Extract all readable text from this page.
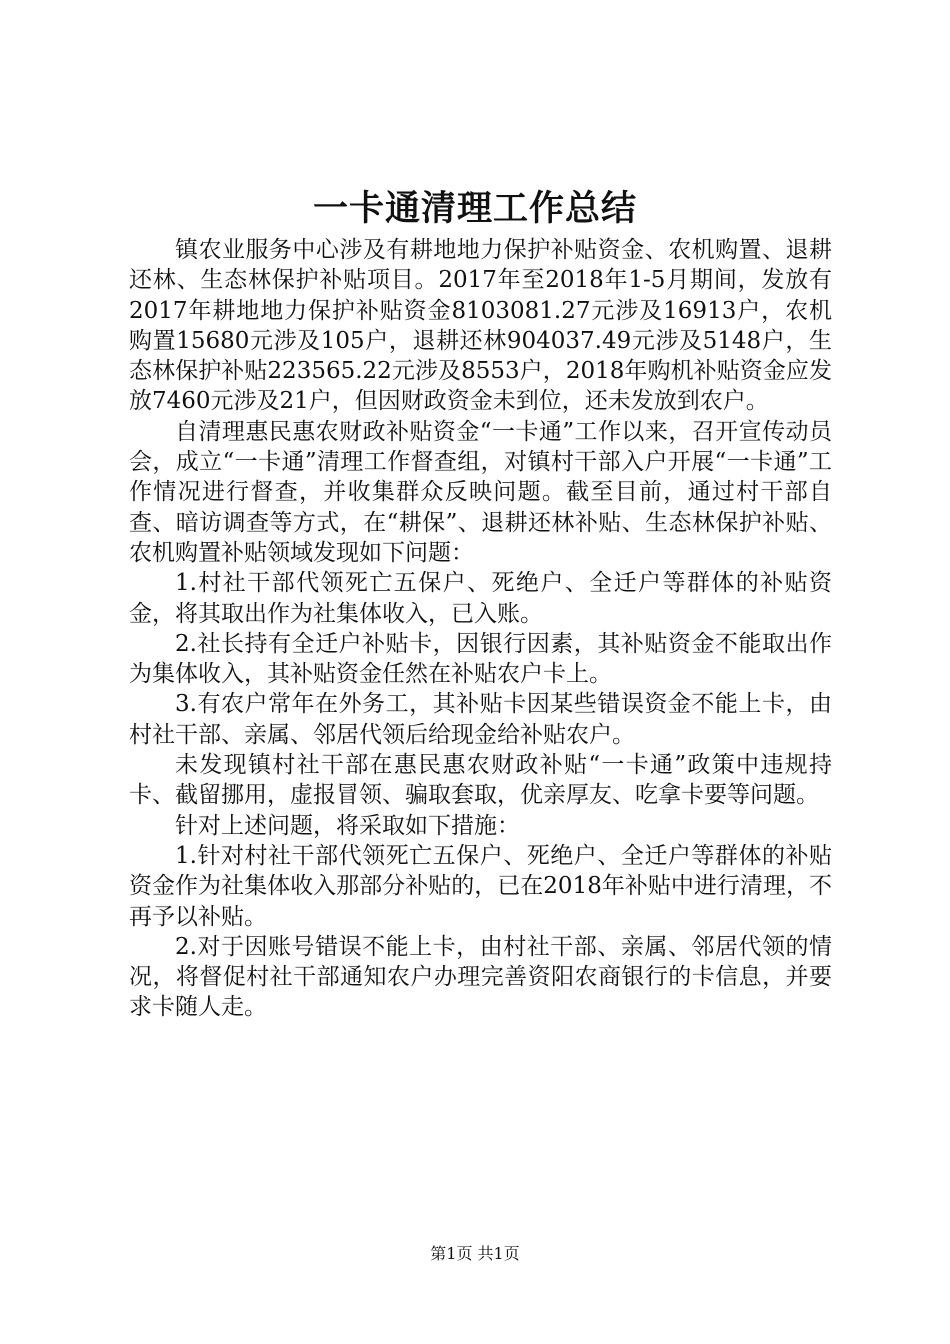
一卡通清理工作总结

镇农业服务中心涉及有耕地地力保护补贴资金、农机购置、退耕还林、生态林保护补贴项目。2017年至2018年1-5月期间，发放有2017年耕地地力保护补贴资金8103081.27元涉及16913户，农机购置15680元涉及105户，退耕还林904037.49元涉及5148户，生态林保护补贴223565.22元涉及8553户，2018年购机补贴资金应发放7460元涉及21户，但因财政资金未到位，还未发放到农户。

自清理惠民惠农财政补贴资金“一卡通”工作以来，召开宣传动员会，成立“一卡通”清理工作督查组，对镇村干部入户开展“一卡通”工作情况进行督查，并收集群众反映问题。截至目前，通过村干部自查、暗访调查等方式，在“耕保”、退耕还林补贴、生态林保护补贴、农机购置补贴领域发现如下问题：

1.村社干部代领死亡五保户、死绝户、全迁户等群体的补贴资金，将其取出作为社集体收入，已入账。

2.社长持有全迁户补贴卡，因银行因素，其补贴资金不能取出作为集体收入，其补贴资金任然在补贴农户卡上。

3.有农户常年在外务工，其补贴卡因某些错误资金不能上卡，由村社干部、亲属、邻居代领后给现金给补贴农户。

未发现镇村社干部在惠民惠农财政补贴“一卡通”政策中违规持卡、截留挪用，虚报冒领、骗取套取，优亲厚友、吃拿卡要等问题。

针对上述问题，将采取如下措施：

1.针对村社干部代领死亡五保户、死绝户、全迁户等群体的补贴资金作为社集体收入那部分补贴的，已在2018年补贴中进行清理，不再予以补贴。

2.对于因账号错误不能上卡，由村社干部、亲属、邻居代领的情况，将督促村社干部通知农户办理完善资阳农商银行的卡信息，并要求卡随人走。

第1页 共1页
